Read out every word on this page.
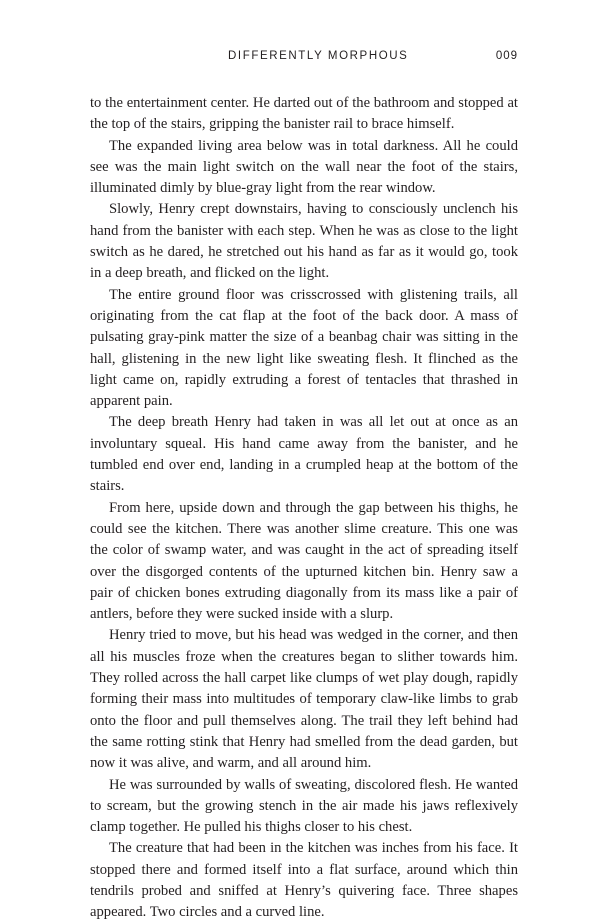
DIFFERENTLY MORPHOUS	009

to the entertainment center. He darted out of the bathroom and stopped at the top of the stairs, gripping the banister rail to brace himself.

The expanded living area below was in total darkness. All he could see was the main light switch on the wall near the foot of the stairs, illuminated dimly by blue-gray light from the rear window.

Slowly, Henry crept downstairs, having to consciously unclench his hand from the banister with each step. When he was as close to the light switch as he dared, he stretched out his hand as far as it would go, took in a deep breath, and flicked on the light.

The entire ground floor was crisscrossed with glistening trails, all originating from the cat flap at the foot of the back door. A mass of pulsating gray-pink matter the size of a beanbag chair was sitting in the hall, glistening in the new light like sweating flesh. It flinched as the light came on, rapidly extruding a forest of tentacles that thrashed in apparent pain.

The deep breath Henry had taken in was all let out at once as an involuntary squeal. His hand came away from the banister, and he tumbled end over end, landing in a crumpled heap at the bottom of the stairs.

From here, upside down and through the gap between his thighs, he could see the kitchen. There was another slime creature. This one was the color of swamp water, and was caught in the act of spreading itself over the disgorged contents of the upturned kitchen bin. Henry saw a pair of chicken bones extruding diagonally from its mass like a pair of antlers, before they were sucked inside with a slurp.

Henry tried to move, but his head was wedged in the corner, and then all his muscles froze when the creatures began to slither towards him. They rolled across the hall carpet like clumps of wet play dough, rapidly forming their mass into multitudes of temporary claw-like limbs to grab onto the floor and pull themselves along. The trail they left behind had the same rotting stink that Henry had smelled from the dead garden, but now it was alive, and warm, and all around him.

He was surrounded by walls of sweating, discolored flesh. He wanted to scream, but the growing stench in the air made his jaws reflexively clamp together. He pulled his thighs closer to his chest.

The creature that had been in the kitchen was inches from his face. It stopped there and formed itself into a flat surface, around which thin tendrils probed and sniffed at Henry’s quivering face. Three shapes appeared. Two circles and a curved line.
